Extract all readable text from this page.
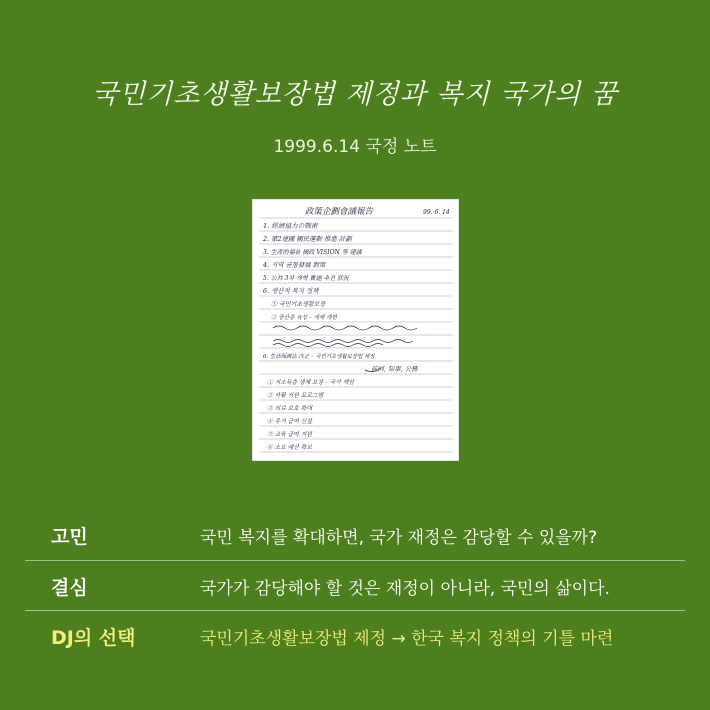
국민기초생활보장법 제정과 복지 국가의 꿈
1999.6.14 국정 노트
政策企劃會議報告	99. 6. 14
1. 經濟協力の戰術
2. 第2建國 國民運動 推進 計劃
3. 生產的福祉 國政 VISION 等 建議
4. 지역 균형發展 對策
5. 公共 3차 개혁 實施 추진 狀況
6. 생산적 복지 정책
① 국민기초생활보장
② 중산층 육성 – 세제 개편
6. 生活保護法 改正 – 국민기초생활보장법 제정
前回, 知事, 公務
① 저소득층 생계 보장 – 국가 책임
② 자활 지원 프로그램
③ 의료 보호 확대
④ 주거 급여 신설
⑤ 교육 급여 지원
⑥ 소요 예산 확보
고민	국민 복지를 확대하면, 국가 재정은 감당할 수 있을까?
결심	국가가 감당해야 할 것은 재정이 아니라, 국민의 삶이다.
DJ의 선택	국민기초생활보장법 제정 → 한국 복지 정책의 기틀 마련
